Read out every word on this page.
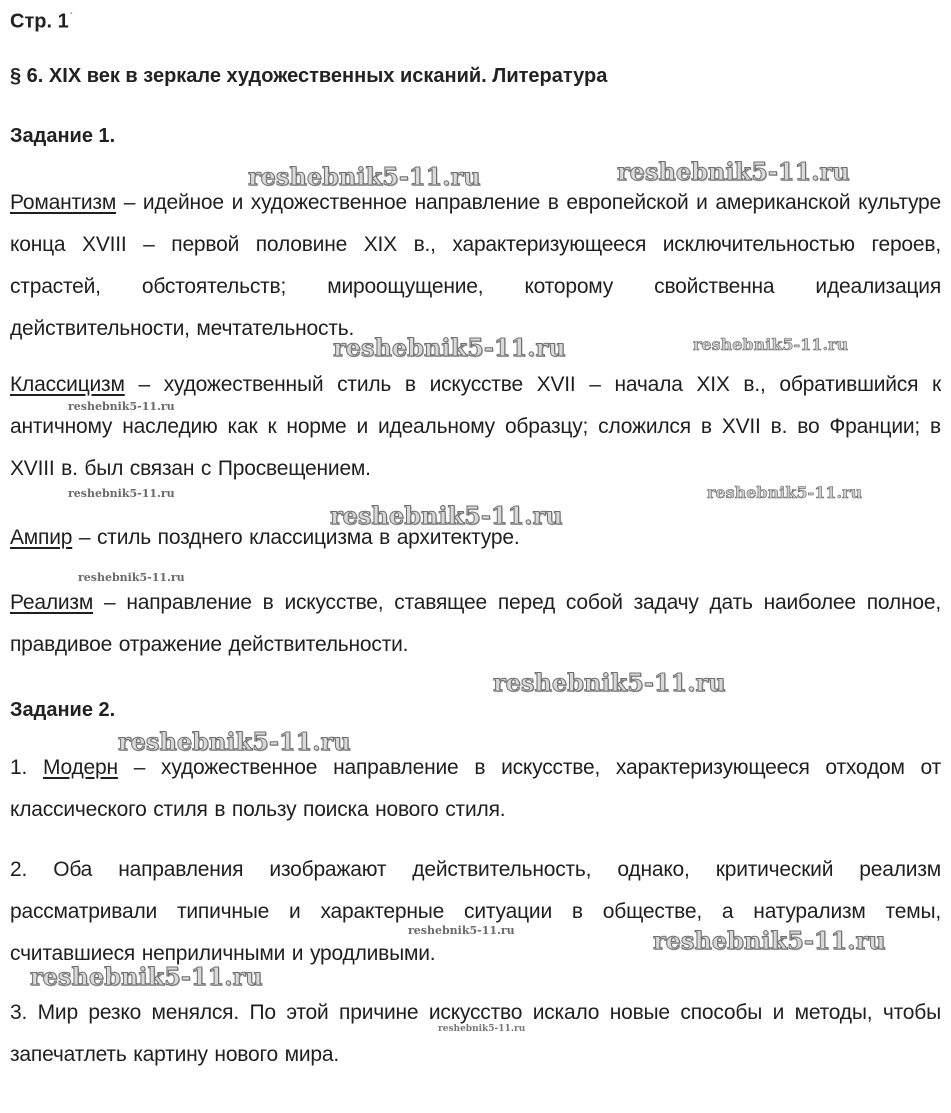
reshebnik5-11.ru	reshebnik5-11.ru
reshebnik5-11.ru	reshebnik5-11.ru
reshebnik5-11.ru
reshebnik5-11.ru	reshebnik5-11.ru
reshebnik5-11.ru
reshebnik5-11.ru
reshebnik5-11.ru
reshebnik5-11.ru
reshebnik5-11.ru	reshebnik5-11.ru
reshebnik5-11.ru
reshebnik5-11.ru
Стр. 1˙
§ 6. XIX век в зеркале художественных исканий. Литература
Задание 1.
Романтизм – идейное и художественное направление в европейской и американской культуре конца XVIII – первой половине XIX в., характеризующееся исключительностью героев, страстей, обстоятельств; мироощущение, которому свойственна идеализация действительности, мечтательность.
Классицизм – художественный стиль в искусстве XVII – начала XIX в., обратившийся к античному наследию как к норме и идеальному образцу; сложился в XVII в. во Франции; в XVIII в. был связан с Просвещением.
Ампир – стиль позднего классицизма в архитектуре.
Реализм – направление в искусстве, ставящее перед собой задачу дать наиболее полное, правдивое отражение действительности.
Задание 2.
1. Модерн – художественное направление в искусстве, характеризующееся отходом от классического стиля в пользу поиска нового стиля.
2. Оба направления изображают действительность, однако, критический реализм рассматривали типичные и характерные ситуации в обществе, а натурализм темы, считавшиеся неприличными и уродливыми.
3. Мир резко менялся. По этой причине искусство искало новые способы и методы, чтобы запечатлеть картину нового мира.
